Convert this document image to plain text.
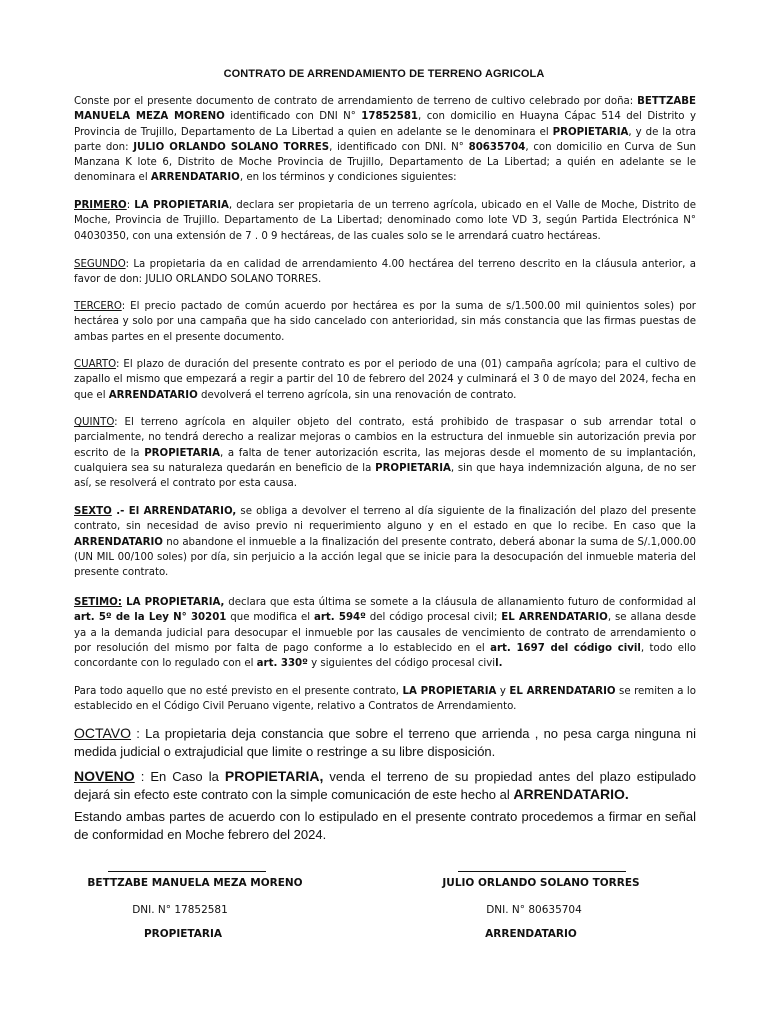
CONTRATO DE ARRENDAMIENTO DE TERRENO AGRICOLA

Conste por el presente documento de contrato de arrendamiento de terreno de cultivo celebrado por doña: BETTZABE MANUELA MEZA MORENO identificado con DNI N° 17852581, con domicilio en Huayna Cápac 514 del Distrito y Provincia de Trujillo, Departamento de La Libertad a quien en adelante se le denominara el PROPIETARIA, y de la otra parte don: JULIO ORLANDO SOLANO TORRES, identificado con DNI. N° 80635704, con domicilio en Curva de Sun Manzana K lote 6, Distrito de Moche Provincia de Trujillo, Departamento de La Libertad; a quién en adelante se le denominara el ARRENDATARIO, en los términos y condiciones siguientes:

PRIMERO: LA PROPIETARIA, declara ser propietaria de un terreno agrícola, ubicado en el Valle de Moche, Distrito de Moche, Provincia de Trujillo. Departamento de La Libertad; denominado como lote VD 3, según Partida Electrónica N° 04030350, con una extensión de 7 . 0 9 hectáreas, de las cuales solo se le arrendará cuatro hectáreas.

SEGUNDO: La propietaria da en calidad de arrendamiento 4.00 hectárea del terreno descrito en la cláusula anterior, a favor de don: JULIO ORLANDO SOLANO TORRES.

TERCERO: El precio pactado de común acuerdo por hectárea es por la suma de s/1.500.00 mil quinientos soles) por hectárea y solo por una campaña que ha sido cancelado con anterioridad, sin más constancia que las firmas puestas de ambas partes en el presente documento.

CUARTO: El plazo de duración del presente contrato es por el periodo de una (01) campaña agrícola; para el cultivo de zapallo el mismo que empezará a regir a partir del 10 de febrero del 2024 y culminará el 3 0 de mayo del 2024, fecha en que el ARRENDATARIO devolverá el terreno agrícola, sin una renovación de contrato.

QUINTO: El terreno agrícola en alquiler objeto del contrato, está prohibido de traspasar o sub arrendar total o parcialmente, no tendrá derecho a realizar mejoras o cambios en la estructura del inmueble sin autorización previa por escrito de la PROPIETARIA, a falta de tener autorización escrita, las mejoras desde el momento de su implantación, cualquiera sea su naturaleza quedarán en beneficio de la PROPIETARIA, sin que haya indemnización alguna, de no ser así, se resolverá el contrato por esta causa.

SEXTO .- El ARRENDATARIO, se obliga a devolver el terreno al día siguiente de la finalización del plazo del presente contrato, sin necesidad de aviso previo ni requerimiento alguno y en el estado en que lo recibe. En caso que la ARRENDATARIO no abandone el inmueble a la finalización del presente contrato, deberá abonar la suma de S/.1,000.00 (UN MIL 00/100 soles) por día, sin perjuicio a la acción legal que se inicie para la desocupación del inmueble materia del presente contrato.

SETIMO: LA PROPIETARIA, declara que esta última se somete a la cláusula de allanamiento futuro de conformidad al art. 5º de la Ley N° 30201 que modifica el art. 594º del código procesal civil; EL ARRENDATARIO, se allana desde ya a la demanda judicial para desocupar el inmueble por las causales de vencimiento de contrato de arrendamiento o por resolución del mismo por falta de pago conforme a lo establecido en el art. 1697 del código civil, todo ello concordante con lo regulado con el art. 330º y siguientes del código procesal civil.

Para todo aquello que no esté previsto en el presente contrato, LA PROPIETARIA y EL ARRENDATARIO se remiten a lo establecido en el Código Civil Peruano vigente, relativo a Contratos de Arrendamiento.

OCTAVO : La propietaria deja constancia que sobre el terreno que arrienda , no pesa carga ninguna ni medida judicial o extrajudicial que limite o restringe a su libre disposición.

NOVENO : En Caso la PROPIETARIA, venda el terreno de su propiedad antes del plazo estipulado dejará sin efecto este contrato con la simple comunicación de este hecho al ARRENDATARIO.

Estando ambas partes de acuerdo con lo estipulado en el presente contrato procedemos a firmar en señal de conformidad en Moche febrero del 2024.

BETTZABE MANUELA MEZA MORENO
DNI. N° 17852581
PROPIETARIA
JULIO ORLANDO SOLANO TORRES
DNI. N° 80635704
ARRENDATARIO
